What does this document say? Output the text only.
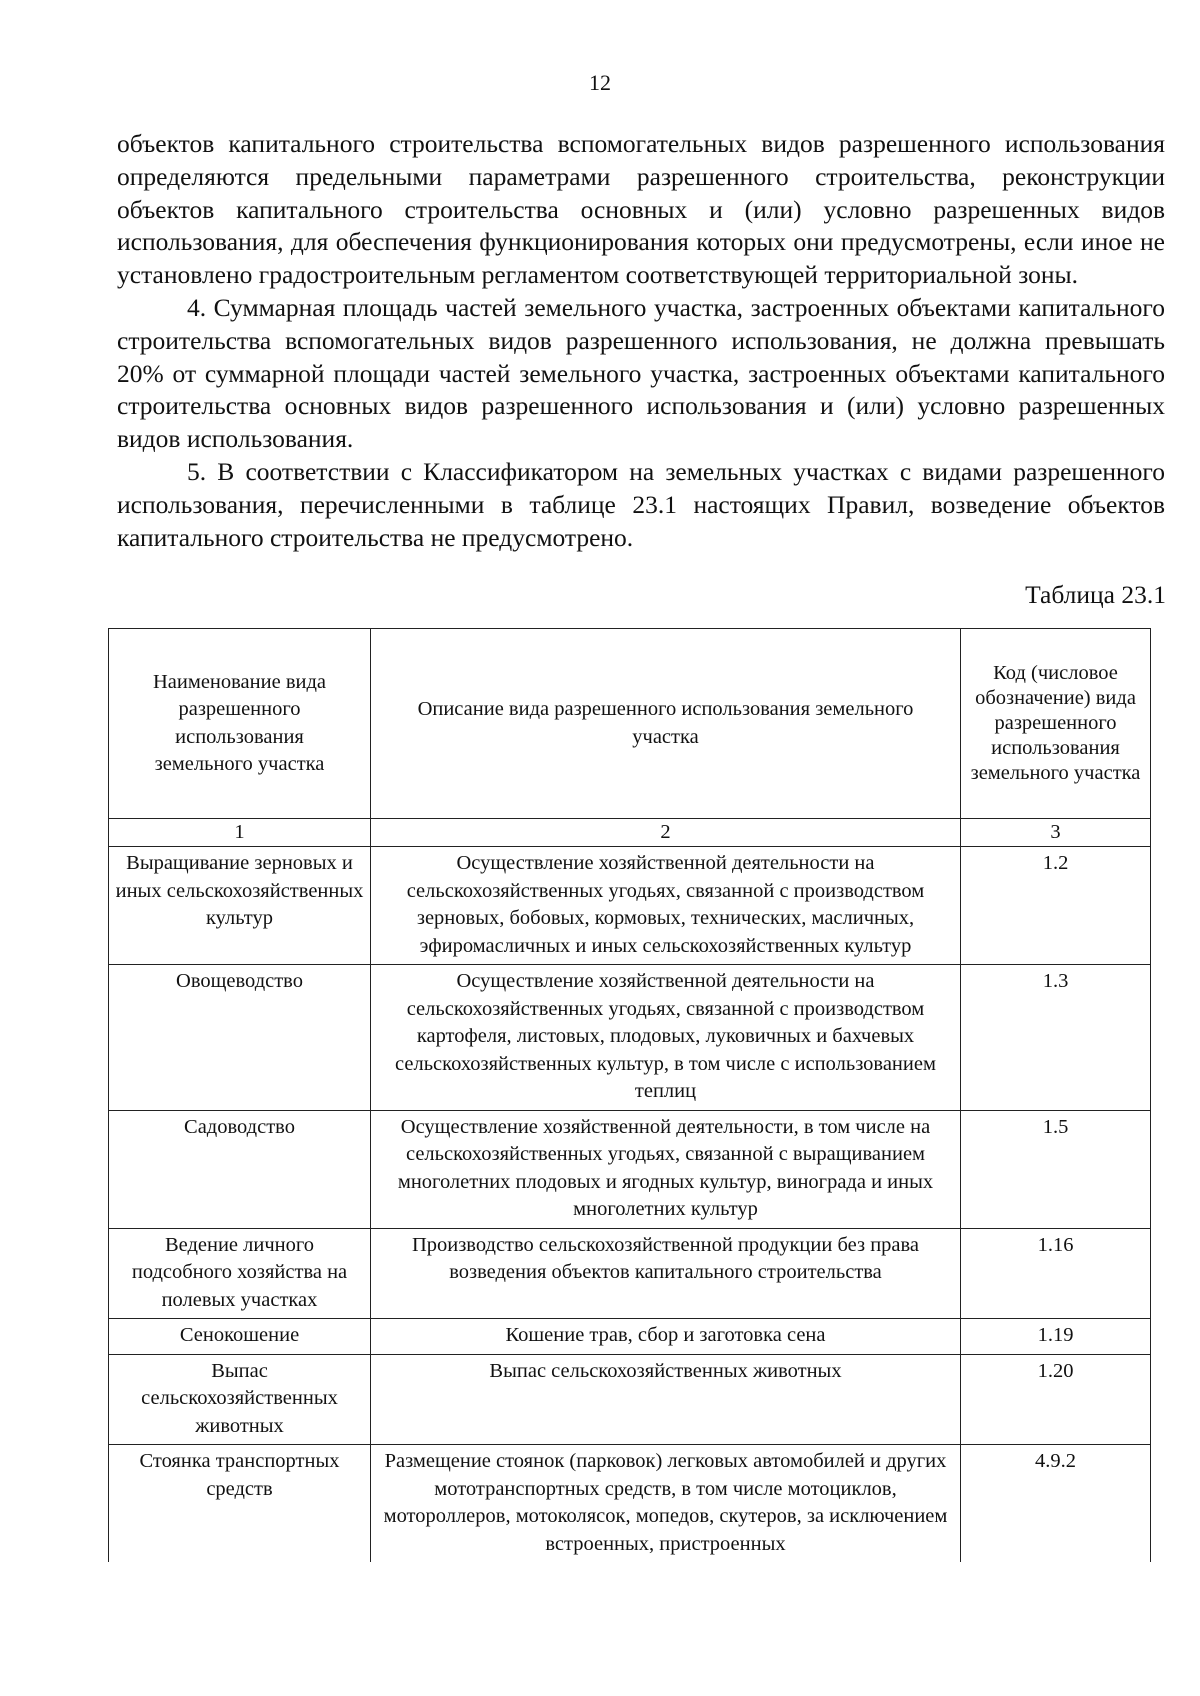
12

объектов капитального строительства вспомогательных видов разрешенного использования определяются предельными параметрами разрешенного строительства, реконструкции объектов капитального строительства основных и (или) условно разрешенных видов использования, для обеспечения функционирования которых они предусмотрены, если иное не установлено градостроительным регламентом соответствующей территориальной зоны.

4. Суммарная площадь частей земельного участка, застроенных объектами капитального строительства вспомогательных видов разрешенного использования, не должна превышать 20% от суммарной площади частей земельного участка, застроенных объектами капитального строительства основных видов разрешенного использования и (или) условно разрешенных видов использования.

5. В соответствии с Классификатором на земельных участках с видами разрешенного использования, перечисленными в таблице 23.1 настоящих Правил, возведение объектов капитального строительства не предусмотрено.

Таблица 23.1
Наименование вида разрешенного использования земельного участка	Описание вида разрешенного использования земельного участка	Код (числовое обозначение) вида разрешенного использования земельного участка
1	2	3
Выращивание зерновых и иных сельскохозяйственных культур	Осуществление хозяйственной деятельности на сельскохозяйственных угодьях, связанной с производством зерновых, бобовых, кормовых, технических, масличных, эфиромасличных и иных сельскохозяйственных культур	1.2
Овощеводство	Осуществление хозяйственной деятельности на сельскохозяйственных угодьях, связанной с производством картофеля, листовых, плодовых, луковичных и бахчевых сельскохозяйственных культур, в том числе с использованием теплиц	1.3
Садоводство	Осуществление хозяйственной деятельности, в том числе на сельскохозяйственных угодьях, связанной с выращиванием многолетних плодовых и ягодных культур, винограда и иных многолетних культур	1.5
Ведение личного подсобного хозяйства на полевых участках	Производство сельскохозяйственной продукции без права возведения объектов капитального строительства	1.16
Сенокошение	Кошение трав, сбор и заготовка сена	1.19
Выпас сельскохозяйственных животных	Выпас сельскохозяйственных животных	1.20
Стоянка транспортных средств	Размещение стоянок (парковок) легковых автомобилей и других мототранспортных средств, в том числе мотоциклов, мотороллеров, мотоколясок, мопедов, скутеров, за исключением встроенных, пристроенных	4.9.2
